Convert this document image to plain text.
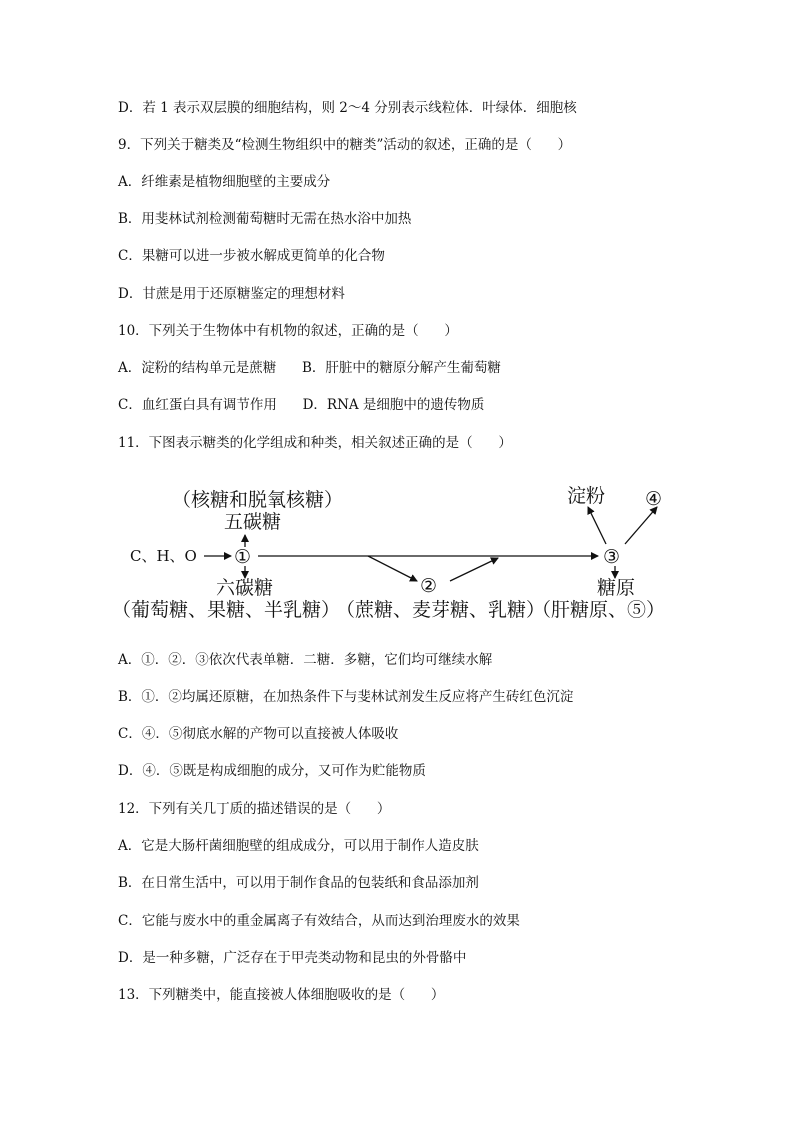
D．若 1 表示双层膜的细胞结构，则 2～4 分别表示线粒体．叶绿体．细胞核
9．下列关于糖类及“检测生物组织中的糖类”活动的叙述，正确的是（      ）
A．纤维素是植物细胞壁的主要成分
B．用斐林试剂检测葡萄糖时无需在热水浴中加热
C．果糖可以进一步被水解成更简单的化合物
D．甘蔗是用于还原糖鉴定的理想材料
10．下列关于生物体中有机物的叙述，正确的是（      ）
A．淀粉的结构单元是蔗糖      B．肝脏中的糖原分解产生葡萄糖
C．血红蛋白具有调节作用      D．RNA 是细胞中的遗传物质
11．下图表示糖类的化学组成和种类，相关叙述正确的是（      ）
（核糖和脱氧核糖）
五碳糖
C、H、O ①
②
③
淀粉 ④
六碳糖	糖原
（葡萄糖、果糖、半乳糖）
（蔗糖、麦芽糖、乳糖）
（肝糖原、⑤）
A．①．②．③依次代表单糖．二糖．多糖，它们均可继续水解
B．①．②均属还原糖，在加热条件下与斐林试剂发生反应将产生砖红色沉淀
C．④．⑤彻底水解的产物可以直接被人体吸收
D．④．⑤既是构成细胞的成分，又可作为贮能物质
12．下列有关几丁质的描述错误的是（      ）
A．它是大肠杆菌细胞壁的组成成分，可以用于制作人造皮肤
B．在日常生活中，可以用于制作食品的包装纸和食品添加剂
C．它能与废水中的重金属离子有效结合，从而达到治理废水的效果
D．是一种多糖，广泛存在于甲壳类动物和昆虫的外骨骼中
13．下列糖类中，能直接被人体细胞吸收的是（      ）
